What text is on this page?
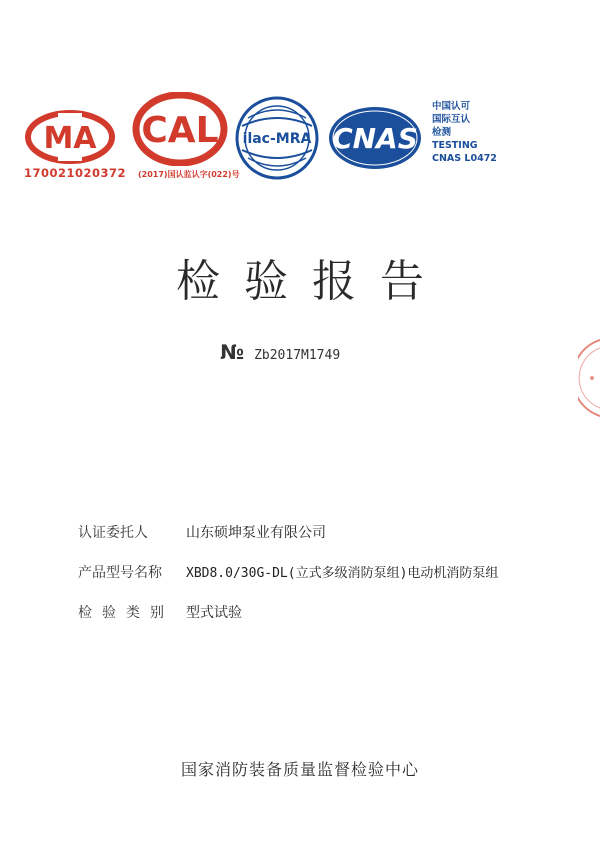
MA
170021020372
CAL
(2017)国认监认字(022)号
ilac-MRA CNAS
中国认可
国际互认
检测
TESTING
CNAS L0472
检验报告
№ Zb2017M1749
认证委托人	山东硕坤泵业有限公司
产品型号名称	XBD8.0/30G-DL(立式多级消防泵组)电动机消防泵组
检验类别 型式试验
国家消防装备质量监督检验中心
